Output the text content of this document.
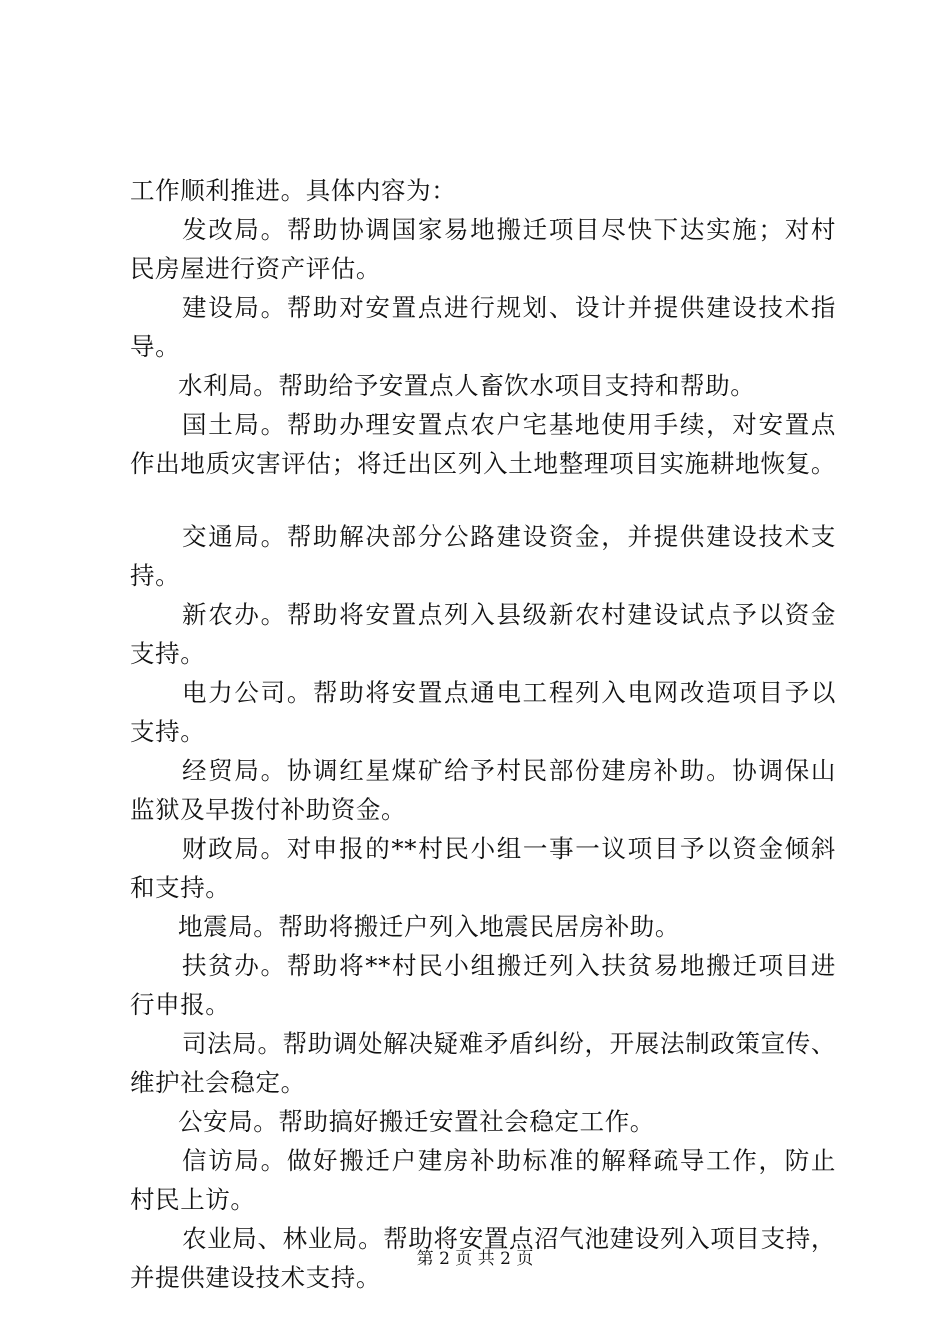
工作顺利推进。具体内容为：
发改局。帮助协调国家易地搬迁项目尽快下达实施；对村
民房屋进行资产评估。
建设局。帮助对安置点进行规划、设计并提供建设技术指
导。
水利局。帮助给予安置点人畜饮水项目支持和帮助。
国土局。帮助办理安置点农户宅基地使用手续，对安置点
作出地质灾害评估；将迁出区列入土地整理项目实施耕地恢复。
交通局。帮助解决部分公路建设资金，并提供建设技术支
持。
新农办。帮助将安置点列入县级新农村建设试点予以资金
支持。
电力公司。帮助将安置点通电工程列入电网改造项目予以
支持。
经贸局。协调红星煤矿给予村民部份建房补助。协调保山
监狱及早拨付补助资金。
财政局。对申报的**村民小组一事一议项目予以资金倾斜
和支持。
地震局。帮助将搬迁户列入地震民居房补助。
扶贫办。帮助将**村民小组搬迁列入扶贫易地搬迁项目进
行申报。
司法局。帮助调处解决疑难矛盾纠纷，开展法制政策宣传、
维护社会稳定。
公安局。帮助搞好搬迁安置社会稳定工作。
信访局。做好搬迁户建房补助标准的解释疏导工作，防止
村民上访。
农业局、林业局。帮助将安置点沼气池建设列入项目支持，
并提供建设技术支持。
第 2 页 共 2 页
